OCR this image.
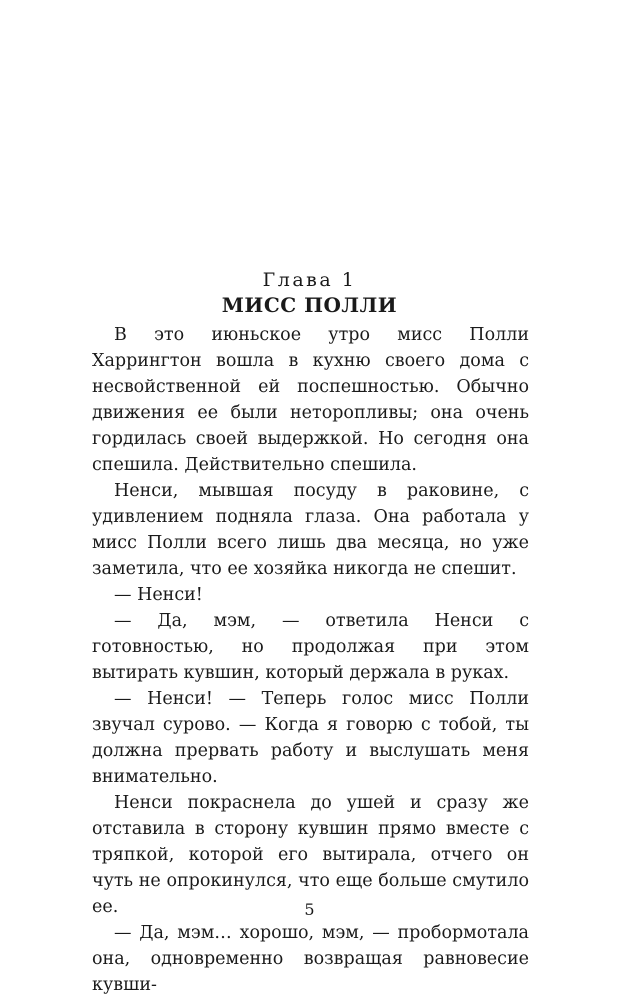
Глава 1
МИСС ПОЛЛИ

В это июньское утро мисс Полли Харрингтон вошла в кухню своего дома с несвойственной ей поспешностью. Обычно движения ее были неторопливы; она очень гордилась своей выдержкой. Но сегодня она спешила. Действительно спешила.

Ненси, мывшая посуду в раковине, с удивлением подняла глаза. Она работала у мисс Полли всего лишь два месяца, но уже заметила, что ее хозяйка никогда не спешит.

— Ненси!

— Да, мэм, — ответила Ненси с готовностью, но продолжая при этом вытирать кувшин, который держала в руках.

— Ненси! — Теперь голос мисс Полли звучал сурово. — Когда я говорю с тобой, ты должна прервать работу и выслушать меня внимательно.

Ненси покраснела до ушей и сразу же отставила в сторону кувшин прямо вместе с тряпкой, которой его вытирала, отчего он чуть не опрокинулся, что еще больше смутило ее.

— Да, мэм… хорошо, мэм, — пробормотала она, одновременно возвращая равновесие кувши-

5
